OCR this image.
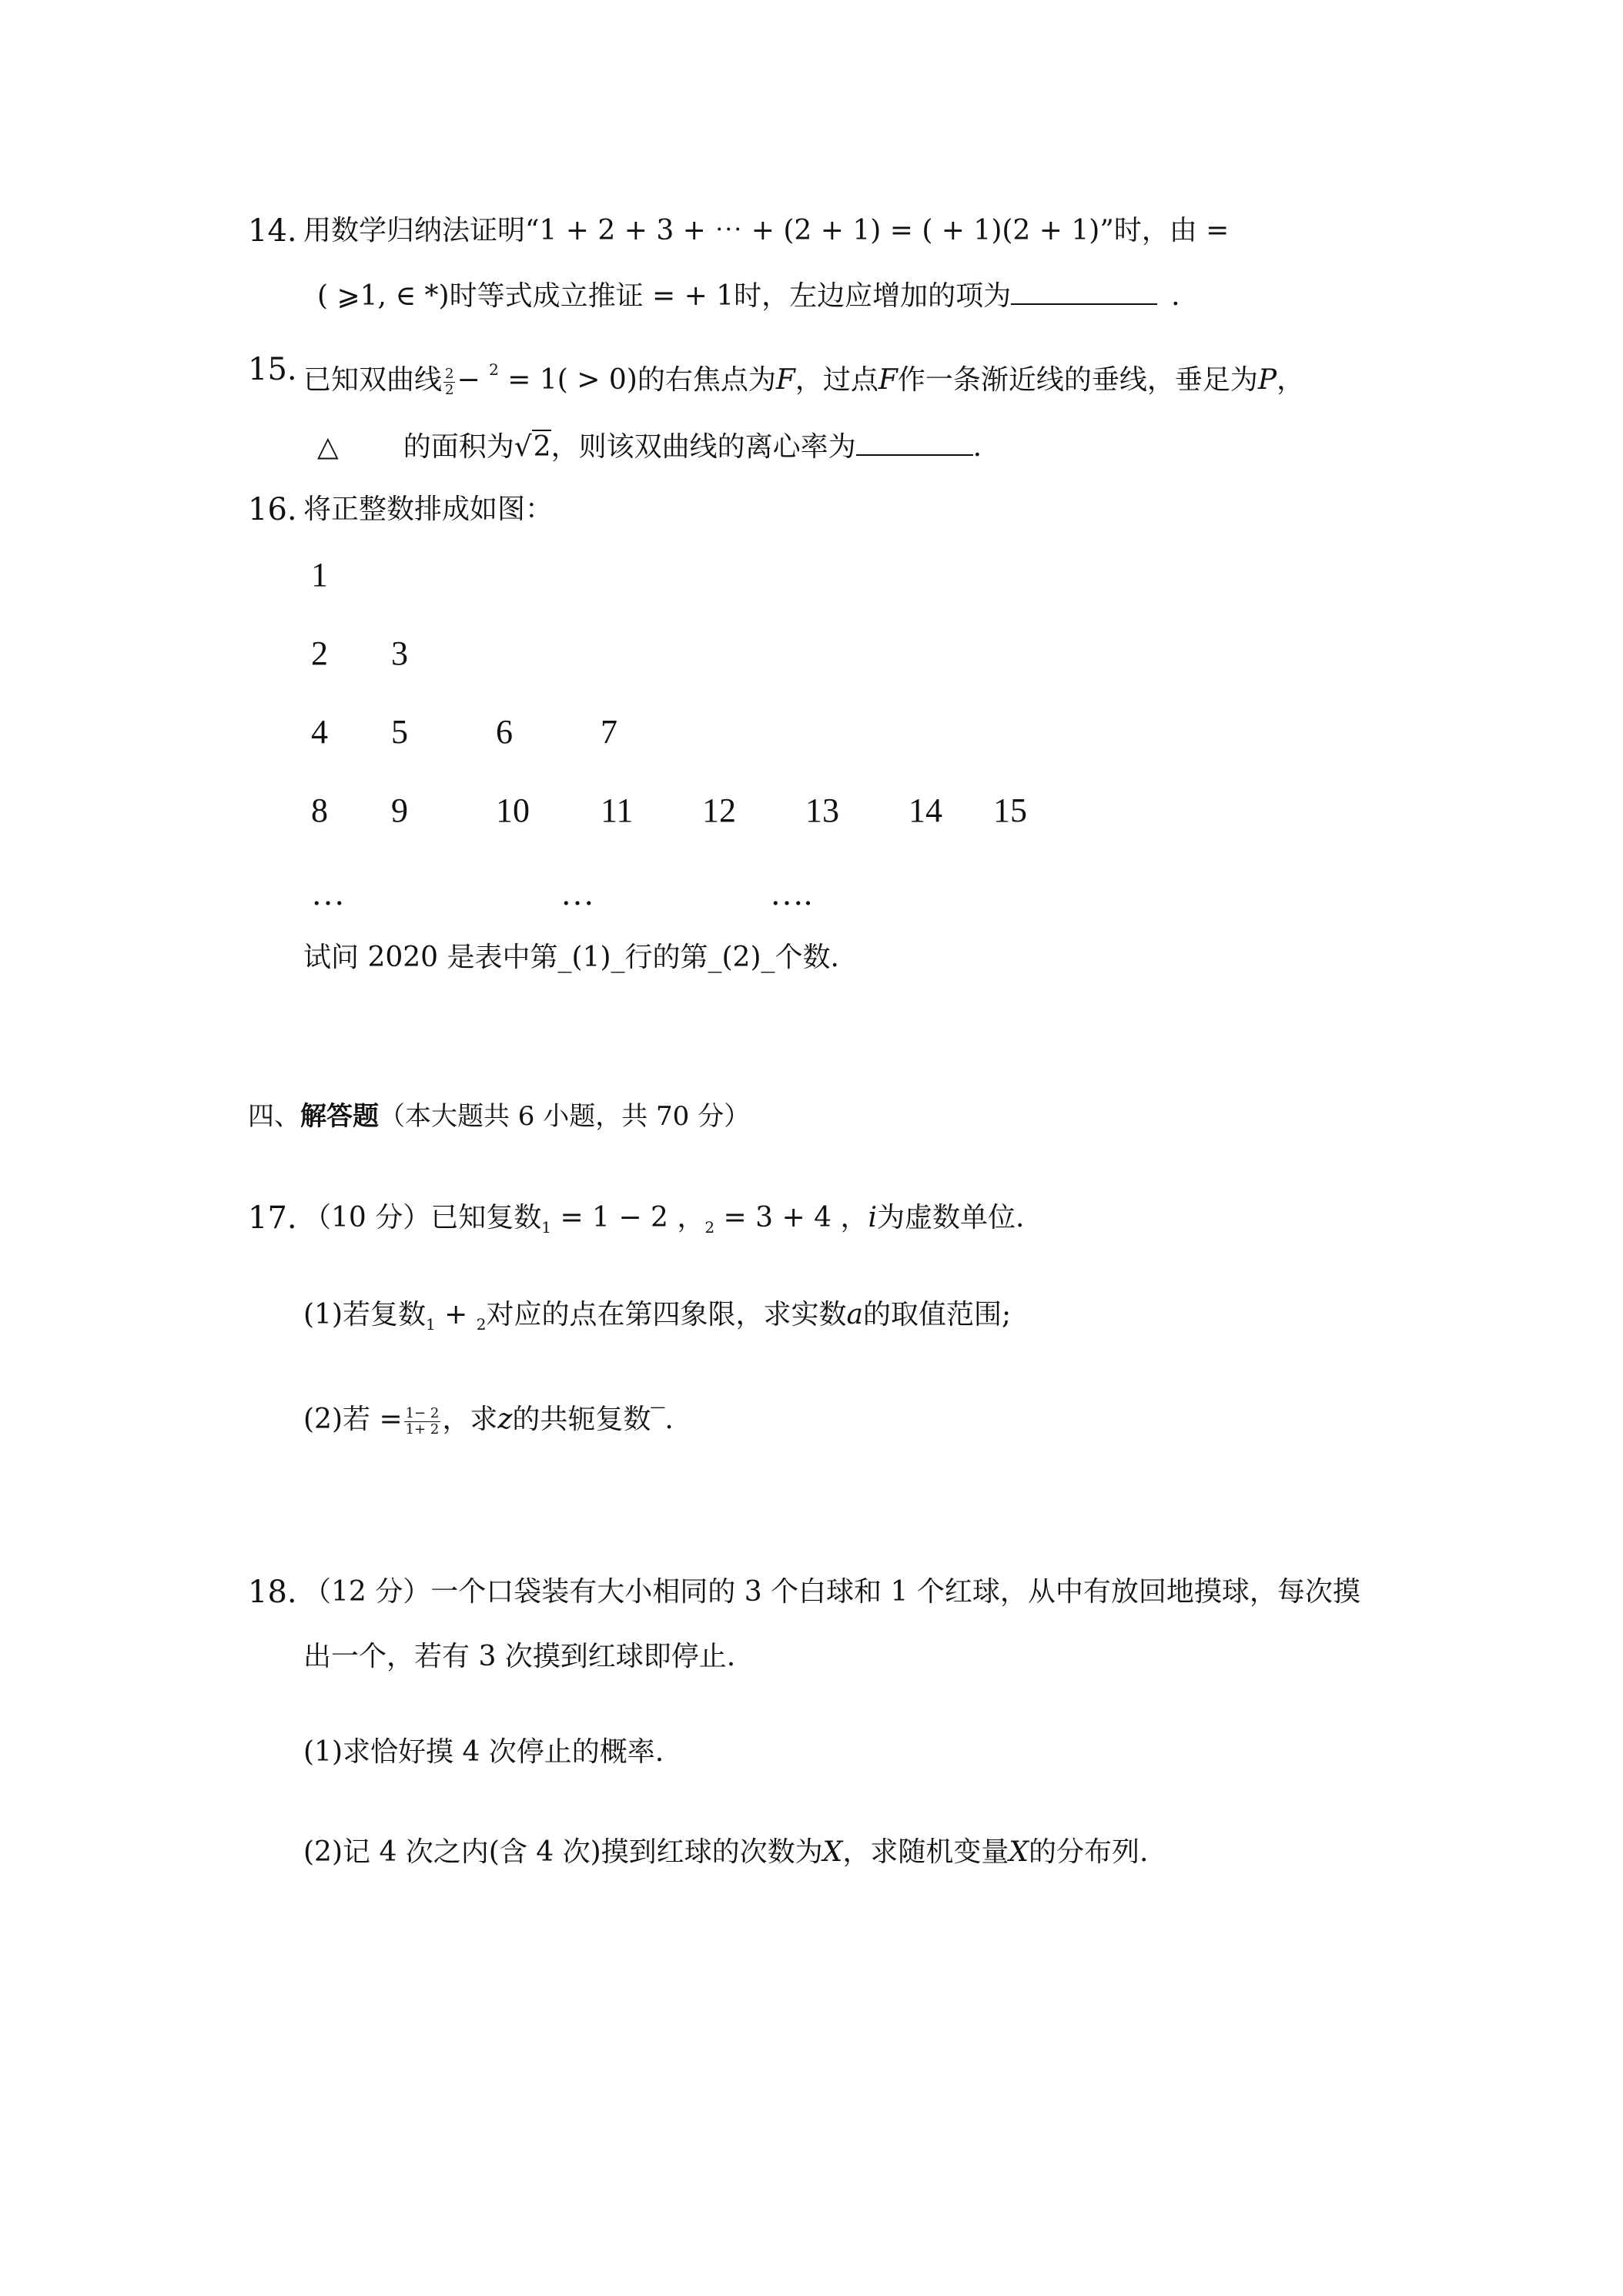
14. 用数学归纳法证明“1 + 2 + 3 + ⋯ + (2 + 1) = ( + 1)(2 + 1)”时，由 =
( ⩾1, ∈ *)时等式成立推证 = + 1时，左边应增加的项为	.
15. 已知双曲线 $\frac{2}{2} - ^2 = 1( > 0)$的右焦点为F，过点F作一条渐近线的垂线，垂足为P，
△ 的面积为√2，则该双曲线的离心率为	.
16. 将正整数排成如图：
1
2 3
4 5	6	7
8 9	10 11 12 13 14 15
…	…	….
试问 2020 是表中第_(1)_行的第_(2)_个数.
四、解答题（本大题共 6 小题，共 70 分）
17. （10 分）已知复数$_1$ = 1 − 2 ，$_2$ = 3 + 4 ，i为虚数单位.
(1)若复数$_1$ + $_2$对应的点在第四象限，求实数a的取值范围;
(2)若 = $\frac{1- 2}{1+ 2}$ ，求z的共轭复数‾.
18. （12 分）一个口袋装有大小相同的 3 个白球和 1 个红球，从中有放回地摸球，每次摸
出一个，若有 3 次摸到红球即停止.
(1)求恰好摸 4 次停止的概率.
(2)记 4 次之内(含 4 次)摸到红球的次数为X，求随机变量X的分布列.
